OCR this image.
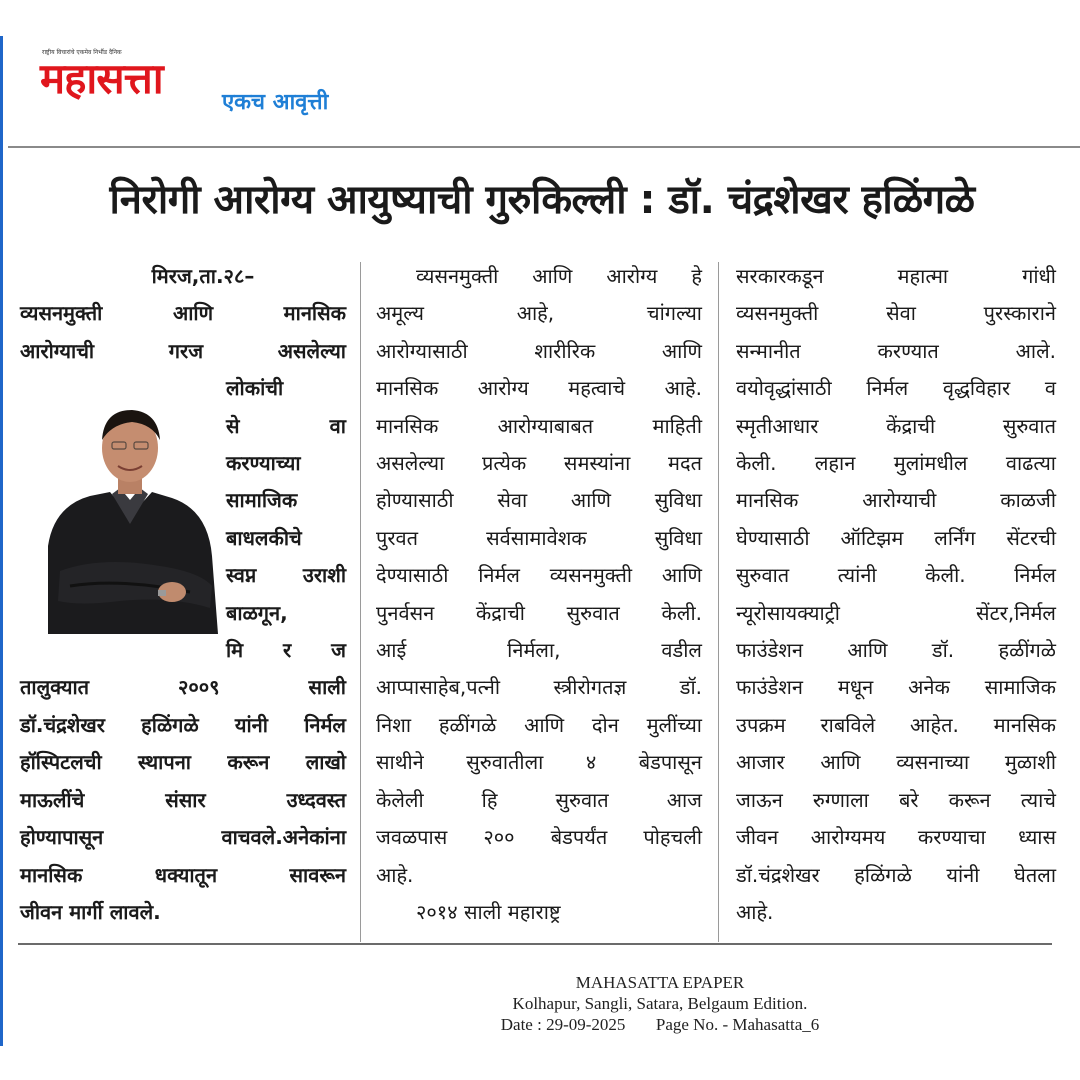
राष्ट्रीय विचारांचे एकमेव निर्भीड दैनिक
महासत्ता	एकच आवृत्ती
निरोगी आरोग्य आयुष्याची गुरुकिल्ली : डॉ. चंद्रशेखर हळिंगळे

मिरज,ता.२८–

व्यसनमुक्ती आणि मानसिक

आरोग्याची गरज असलेल्या

लोकांची

से वा

करण्याच्या

सामाजिक

बाधलकीचे

स्वप्न उराशी

बाळगून,

मि र ज

तालुक्यात २००९ साली

डॉ.चंद्रशेखर हळिंगळे यांनी निर्मल

हॉस्पिटलची स्थापना करून लाखो

माऊलींचे संसार उध्दवस्त

होण्यापासून वाचवले.अनेकांना

मानसिक धक्यातून सावरून

जीवन मार्गी लावले.

व्यसनमुक्ती आणि आरोग्य हे

अमूल्य आहे, चांगल्या

आरोग्यासाठी शारीरिक आणि

मानसिक आरोग्य महत्वाचे आहे.

मानसिक आरोग्याबाबत माहिती

असलेल्या प्रत्येक समस्यांना मदत

होण्यासाठी सेवा आणि सुविधा

पुरवत सर्वसामावेशक सुविधा

देण्यासाठी निर्मल व्यसनमुक्ती आणि

पुनर्वसन केंद्राची सुरुवात केली.

आई निर्मला, वडील

आप्पासाहेब,पत्नी स्त्रीरोगतज्ञ डॉ.

निशा हळींगळे आणि दोन मुलींच्या

साथीने सुरुवातीला ४ बेडपासून

केलेली हि सुरुवात आज

जवळपास २०० बेडपर्यंत पोहचली

आहे.

२०१४ साली महाराष्ट्र

सरकारकडून महात्मा गांधी

व्यसनमुक्ती सेवा पुरस्काराने

सन्मानीत करण्यात आले.

वयोवृद्धांसाठी निर्मल वृद्धविहार व

स्मृतीआधार केंद्राची सुरुवात

केली. लहान मुलांमधील वाढत्या

मानसिक आरोग्याची काळजी

घेण्यासाठी ऑटिझम लर्निंग सेंटरची

सुरुवात त्यांनी केली. निर्मल

न्यूरोसायक्याट्री सेंटर,निर्मल

फाउंडेशन आणि डॉ. हळींगळे

फाउंडेशन मधून अनेक सामाजिक

उपक्रम राबविले आहेत. मानसिक

आजार आणि व्यसनाच्या मुळाशी

जाऊन रुग्णाला बरे करून त्याचे

जीवन आरोग्यमय करण्याचा ध्यास

डॉ.चंद्रशेखर हळिंगळे यांनी घेतला

आहे.

MAHASATTA EPAPER
Kolhapur, Sangli, Satara, Belgaum Edition.
Date : 29-09-2025 Page No. - Mahasatta_6
